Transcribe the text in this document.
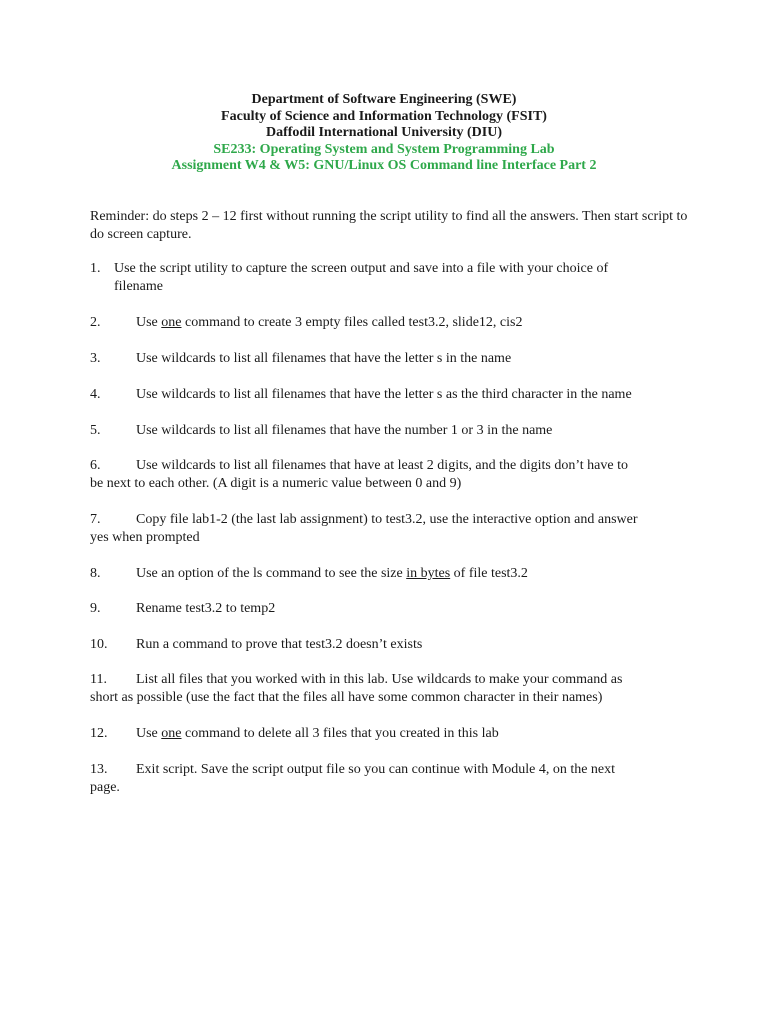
Department of Software Engineering (SWE)
Faculty of Science and Information Technology (FSIT)
Daffodil International University (DIU)
SE233: Operating System and System Programming Lab
Assignment W4 & W5: GNU/Linux OS Command line Interface Part 2
Reminder: do steps 2 – 12 first without running the script utility to find all the answers. Then start script to do screen capture.
1. Use the script utility to capture the screen output and save into a file with your choice of
filename
2.	Use one command to create 3 empty files called test3.2, slide12, cis2
3.	Use wildcards to list all filenames that have the letter s in the name
4.	Use wildcards to list all filenames that have the letter s as the third character in the name
5.	Use wildcards to list all filenames that have the number 1 or 3 in the name
6.	Use wildcards to list all filenames that have at least 2 digits, and the digits don’t have to
be next to each other. (A digit is a numeric value between 0 and 9)
7.	Copy file lab1-2 (the last lab assignment) to test3.2, use the interactive option and answer
yes when prompted
8.	Use an option of the ls command to see the size in bytes of file test3.2
9.	Rename test3.2 to temp2
10. Run a command to prove that test3.2 doesn’t exists
11. List all files that you worked with in this lab. Use wildcards to make your command as
short as possible (use the fact that the files all have some common character in their names)
12. Use one command to delete all 3 files that you created in this lab
13. Exit script. Save the script output file so you can continue with Module 4, on the next
page.
